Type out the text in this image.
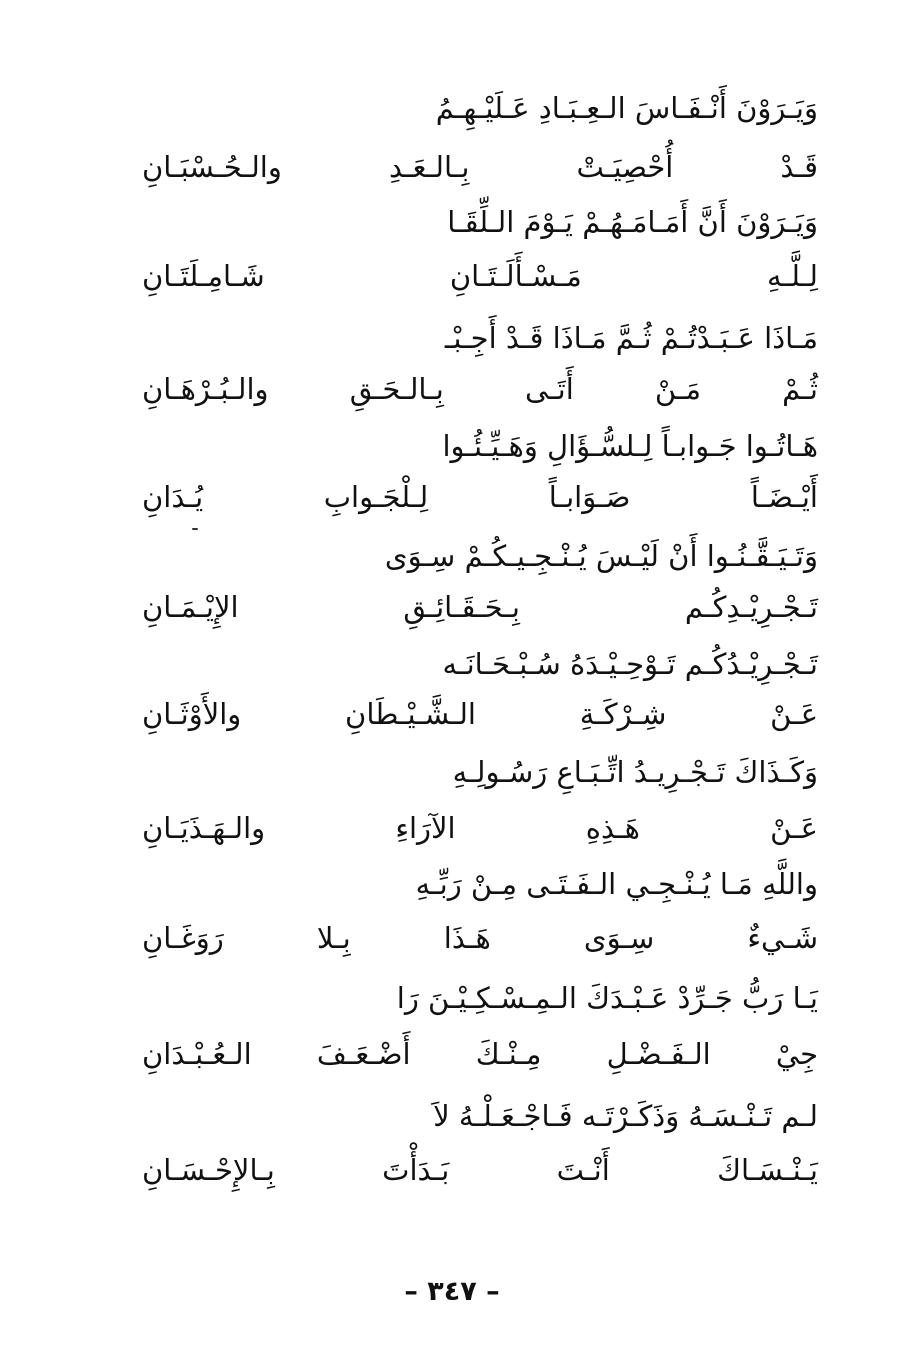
وَيَـرَوْنَ أَنْـفَـاسَ الـعِـبَـادِ عَـلَيْـهِـمُ
قَـدْ أُحْصِيَـتْ بِـالـعَـدِ والـحُـسْبَـانِ
وَيَـرَوْنَ أَنَّ أَمَـامَـهُـمْ يَـوْمَ الـلِّقَـا
لِـلَّـهِ مَـسْـأَلَـتَـانِ شَـامِـلَتَـانِ
مَـاذَا عَـبَـدْتُـمْ ثُـمَّ مَـاذَا قَـدْ أَجِـبْـ
ثُـمْ مَـنْ أَتَـى بِـالـحَـقِ والـبُـرْهَـانِ
هَـاتُـوا جَـوابـاً لِـلسُّـؤَالِ وَهَـيِّـئُـوا
أَيْـضَـاً صَـوَابـاً لِـلْجَـوابِ يُـدَانِ
وَتَـيَـقَّـنُـوا أَنْ لَيْـسَ يُـنْـجِـيـكُـمْ سِـوَى
تَـجْـرِيْـدِكُـم بِـحَـقَـائِـقِ الإِيْـمَـانِ
تَـجْـرِيْـدُكُـم تَـوْحِـيْـدَهُ سُـبْـحَـانَـه
عَـنْ شِـرْكَـةِ الـشَّـيْـطَانِ والأَوْثَـانِ
وَكَـذَاكَ تَـجْـرِيـدُ اتِّـبَـاعِ رَسُـولِـهِ
عَـنْ هَـذِهِ الآرَاءِ والـهَـذَيَـانِ
واللَّهِ مَـا يُـنْـجِـي الـفَـتَـى مِـنْ رَبِّـهِ
شَـيءٌ سِـوَى هَـذَا بِـلا رَوَغَـانِ
يَـا رَبُّ جَـرِّدْ عَـبْـدَكَ الـمِـسْـكِـيْـنَ رَا
جِيْ الـفَـضْـلِ مِـنْـكَ أَضْـعَـفَ الـعُـبْـدَانِ
لـم تَـنْـسَـهُ وَذَكَـرْتَـه فَـاجْـعَـلْـهُ لاَ
يَـنْـسَـاكَ أَنْـتَ بَـدَأْتَ بِـالإِحْـسَـانِ
– ٣٤٧ –
